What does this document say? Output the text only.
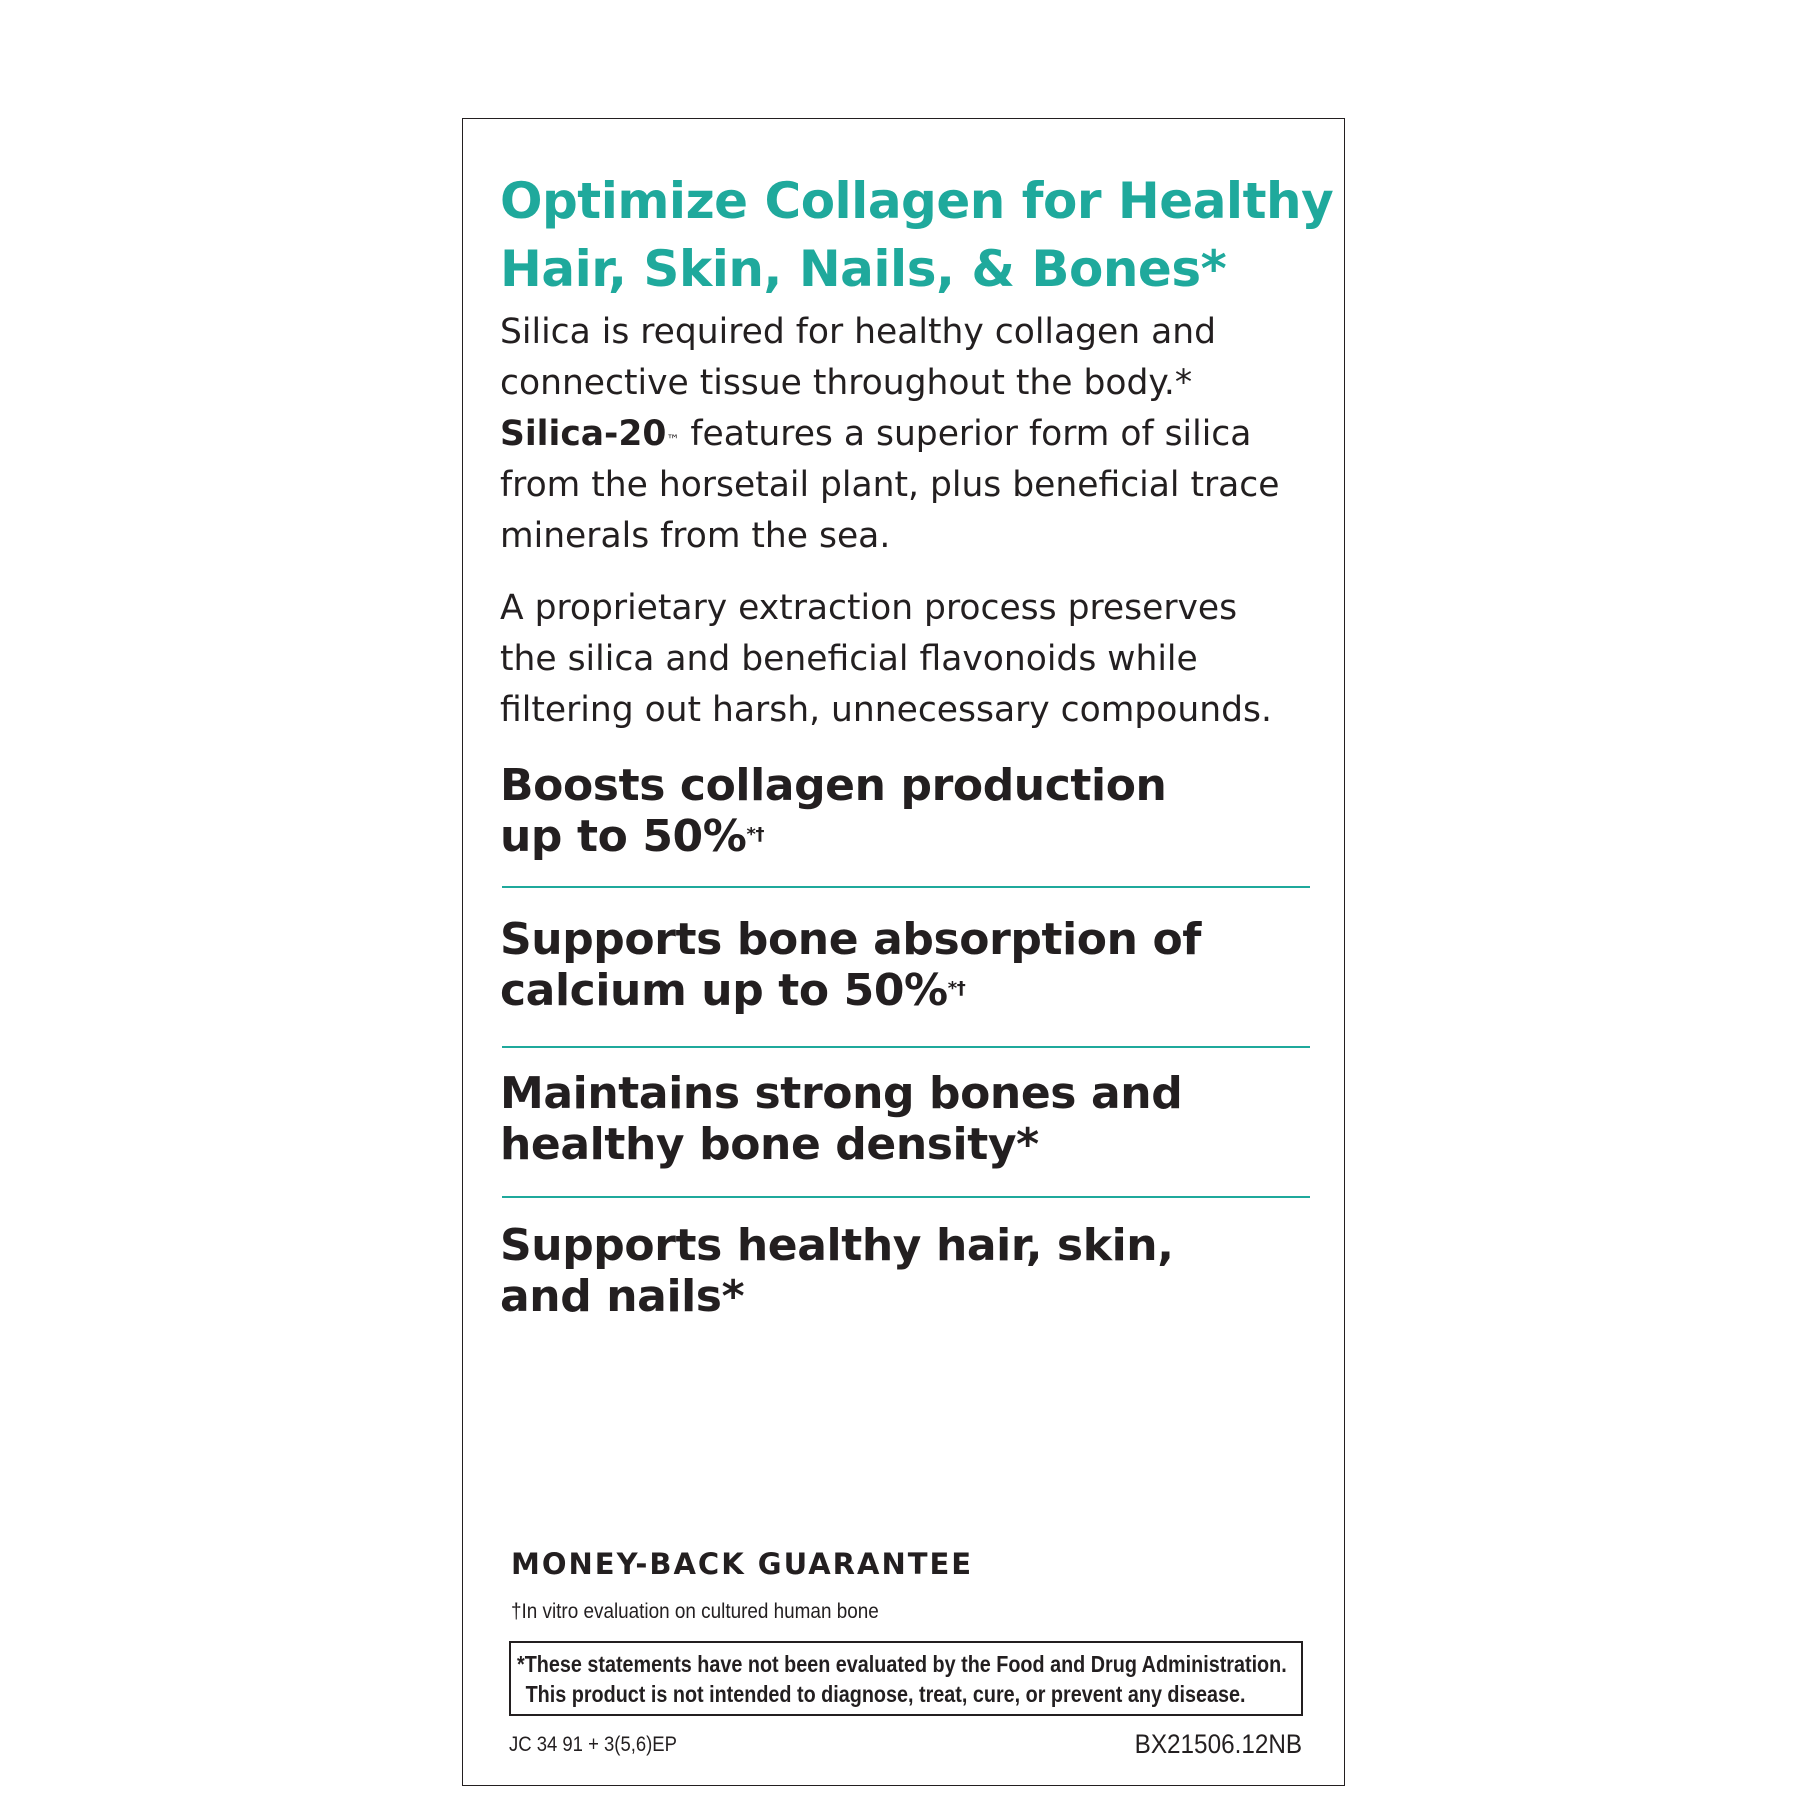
Optimize Collagen for Healthy
Hair, Skin, Nails, & Bones*
Silica is required for healthy collagen and
connective tissue throughout the body.*
Silica-20™ features a superior form of silica
from the horsetail plant, plus beneficial trace
minerals from the sea.
A proprietary extraction process preserves
the silica and beneficial flavonoids while
filtering out harsh, unnecessary compounds.
Boosts collagen production
up to 50%*†
Supports bone absorption of
calcium up to 50%*†
Maintains strong bones and
healthy bone density*
Supports healthy hair, skin,
and nails*
MONEY-BACK GUARANTEE
†In vitro evaluation on cultured human bone
*These statements have not been evaluated by the Food and Drug Administration.
This product is not intended to diagnose, treat, cure, or prevent any disease.
JC 34 91 + 3(5,6)EP	BX21506.12NB
